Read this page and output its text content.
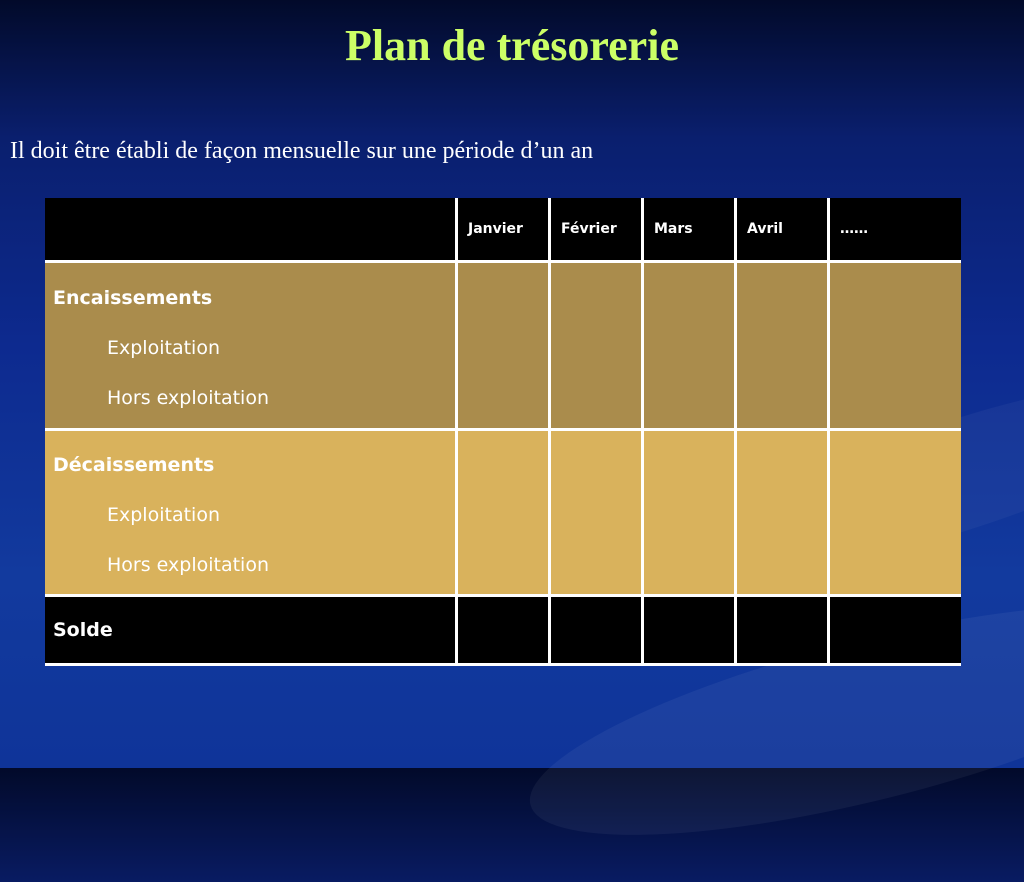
Plan de trésorerie

Il doit être établi de façon mensuelle sur une période d’un an

	Janvier	Février	Mars	Avril	……

Encaissements
Exploitation
Hors exploitation					

Décaissements
Exploitation
Hors exploitation					

Solde					
